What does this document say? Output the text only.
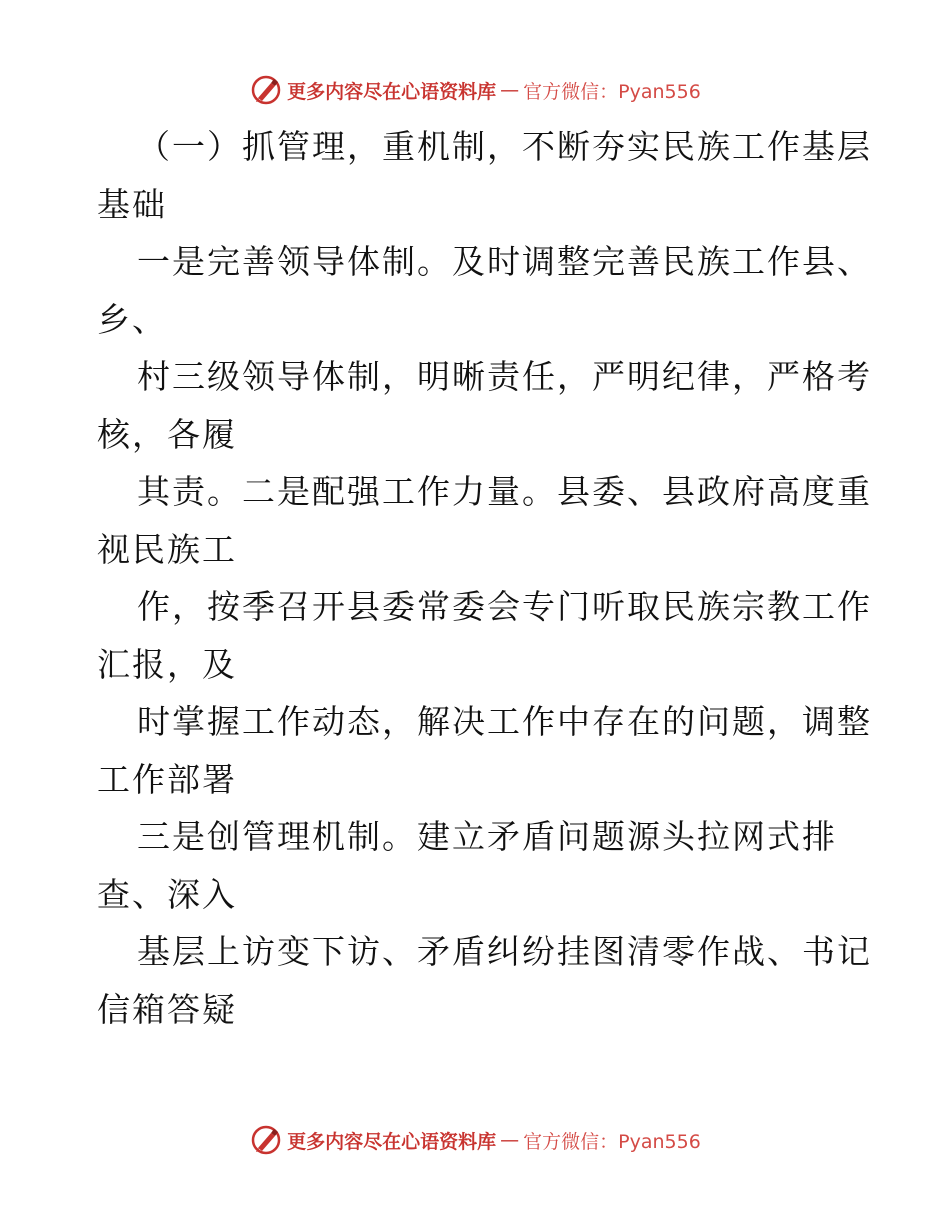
更多内容尽在心语资料库 — 官方微信：Pyan556
（一）抓管理，重机制，不断夯实民族工作基层
基础
一是完善领导体制。及时调整完善民族工作县、
乡、
村三级领导体制，明晰责任，严明纪律，严格考
核，各履
其责。二是配强工作力量。县委、县政府高度重
视民族工
作，按季召开县委常委会专门听取民族宗教工作
汇报，及
时掌握工作动态，解决工作中存在的问题，调整
工作部署
三是创管理机制。建立矛盾问题源头拉网式排
查、深入
基层上访变下访、矛盾纠纷挂图清零作战、书记
信箱答疑
更多内容尽在心语资料库 — 官方微信：Pyan556
